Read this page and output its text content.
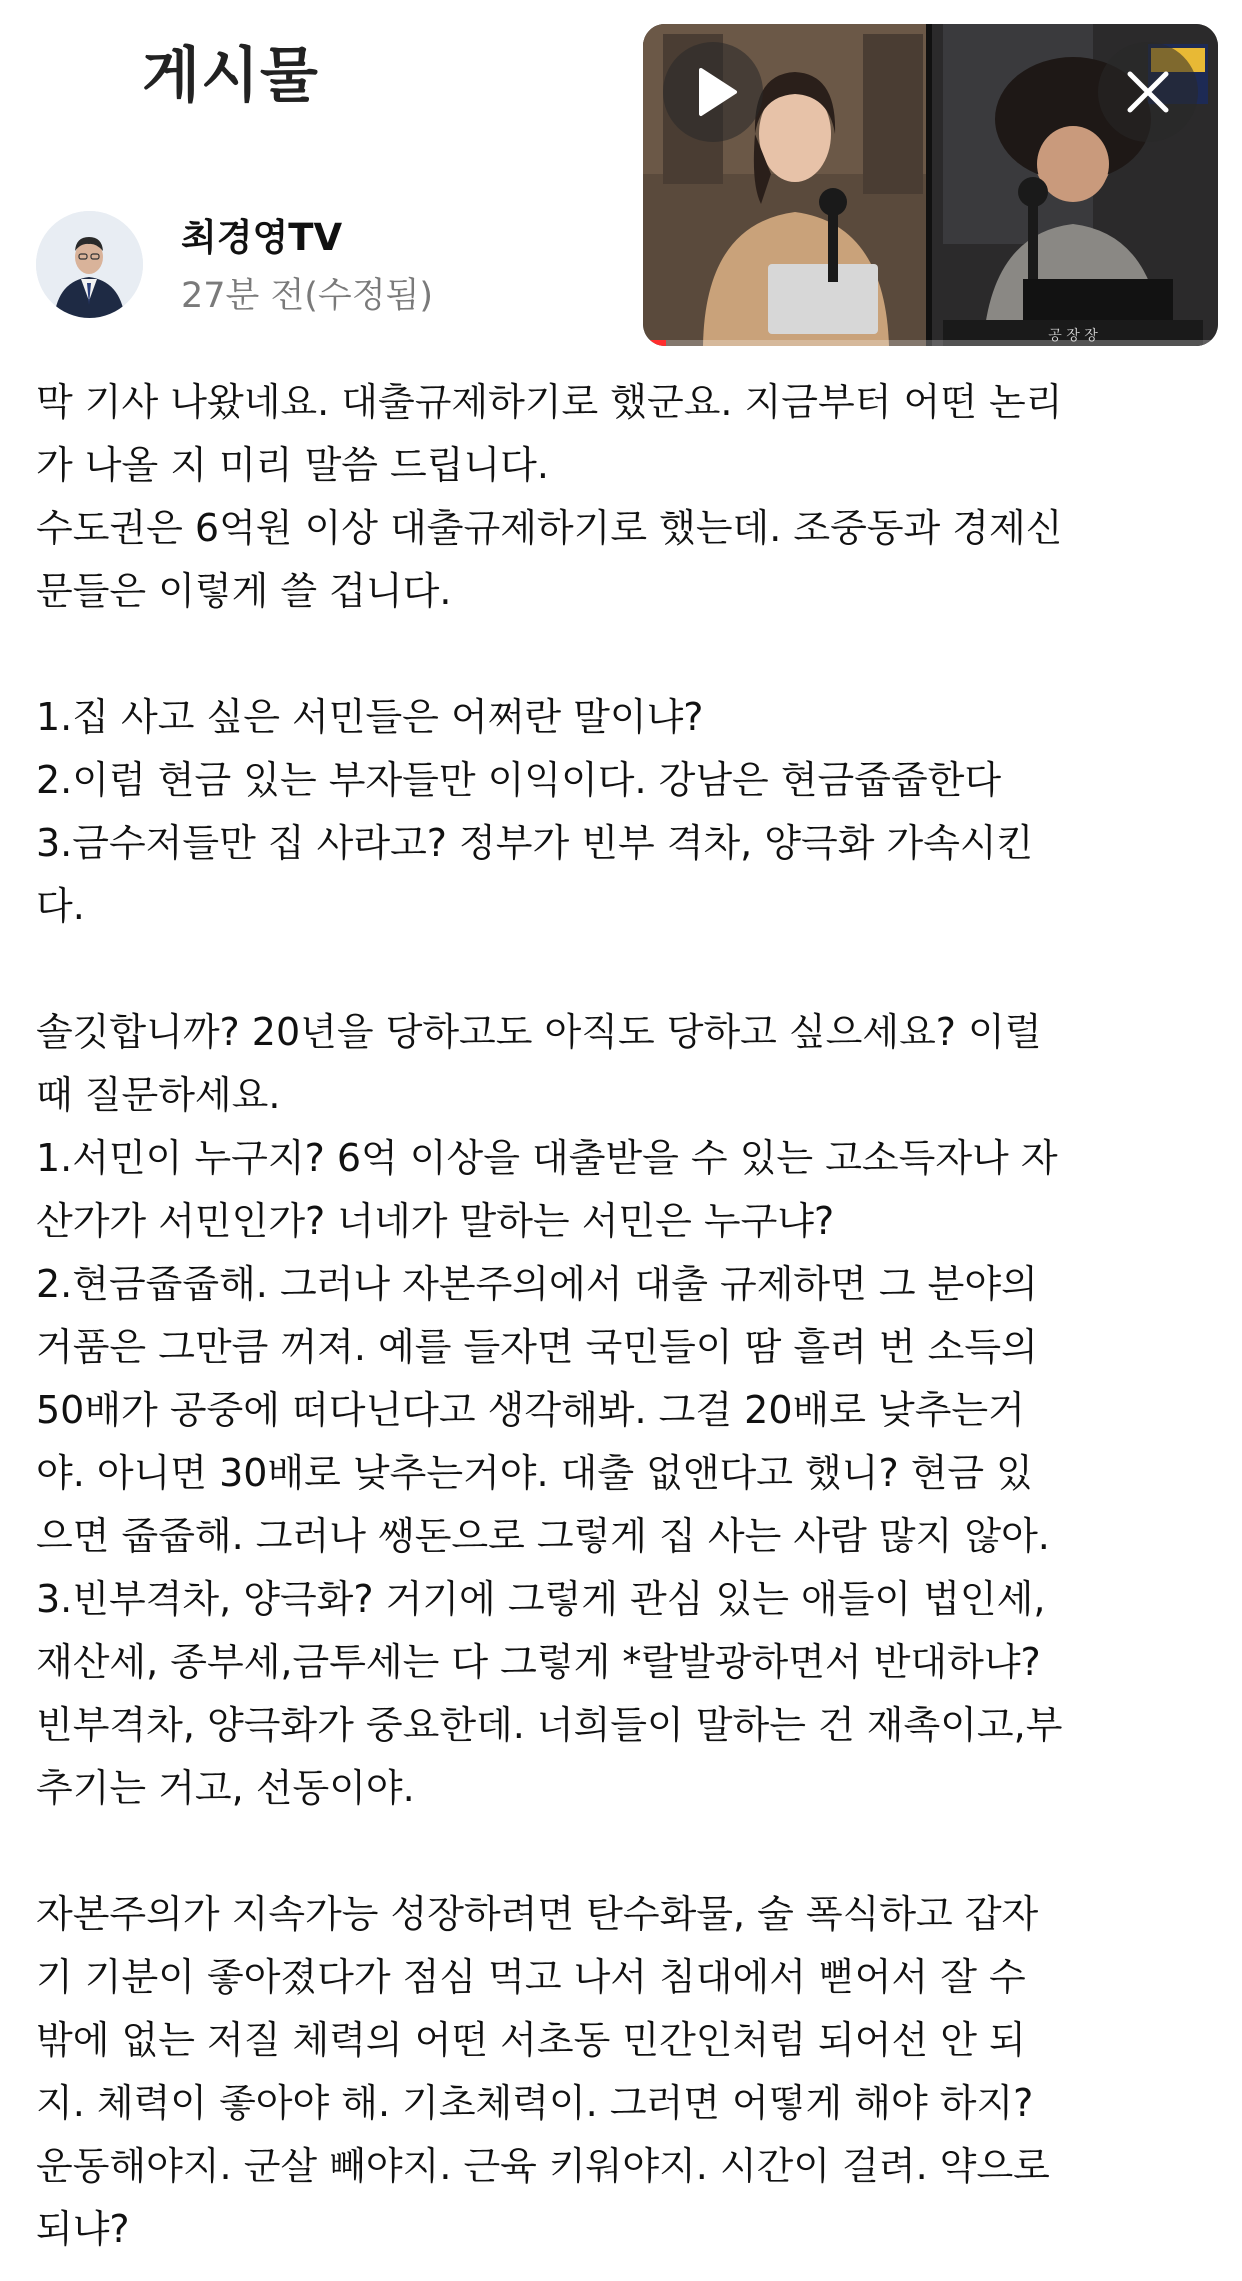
게시물
최경영TV
27분 전(수정됨)
공 장 장
막 기사 나왔네요. 대출규제하기로 했군요. 지금부터 어떤 논리
가 나올 지 미리 말씀 드립니다.
수도권은 6억원 이상 대출규제하기로 했는데. 조중동과 경제신
문들은 이렇게 쓸 겁니다.
1.집 사고 싶은 서민들은 어쩌란 말이냐?
2.이럼 현금 있는 부자들만 이익이다. 강남은 현금줍줍한다
3.금수저들만 집 사라고? 정부가 빈부 격차, 양극화 가속시킨
다.
솔깃합니까? 20년을 당하고도 아직도 당하고 싶으세요? 이럴
때 질문하세요.
1.서민이 누구지? 6억 이상을 대출받을 수 있는 고소득자나 자
산가가 서민인가? 너네가 말하는 서민은 누구냐?
2.현금줍줍해. 그러나 자본주의에서 대출 규제하면 그 분야의
거품은 그만큼 꺼져. 예를 들자면 국민들이 땀 흘려 번 소득의
50배가 공중에 떠다닌다고 생각해봐. 그걸 20배로 낮추는거
야. 아니면 30배로 낮추는거야. 대출 없앤다고 했니? 현금 있
으면 줍줍해. 그러나 쌩돈으로 그렇게 집 사는 사람 많지 않아.
3.빈부격차, 양극화? 거기에 그렇게 관심 있는 애들이 법인세,
재산세, 종부세,금투세는 다 그렇게 *랄발광하면서 반대하냐?
빈부격차, 양극화가 중요한데. 너희들이 말하는 건 재촉이고,부
추기는 거고, 선동이야.
자본주의가 지속가능 성장하려면 탄수화물, 술 폭식하고 갑자
기 기분이 좋아졌다가 점심 먹고 나서 침대에서 뻗어서 잘 수
밖에 없는 저질 체력의 어떤 서초동 민간인처럼 되어선 안 되
지. 체력이 좋아야 해. 기초체력이. 그러면 어떻게 해야 하지?
운동해야지. 군살 빼야지. 근육 키워야지. 시간이 걸려. 약으로
되냐?
